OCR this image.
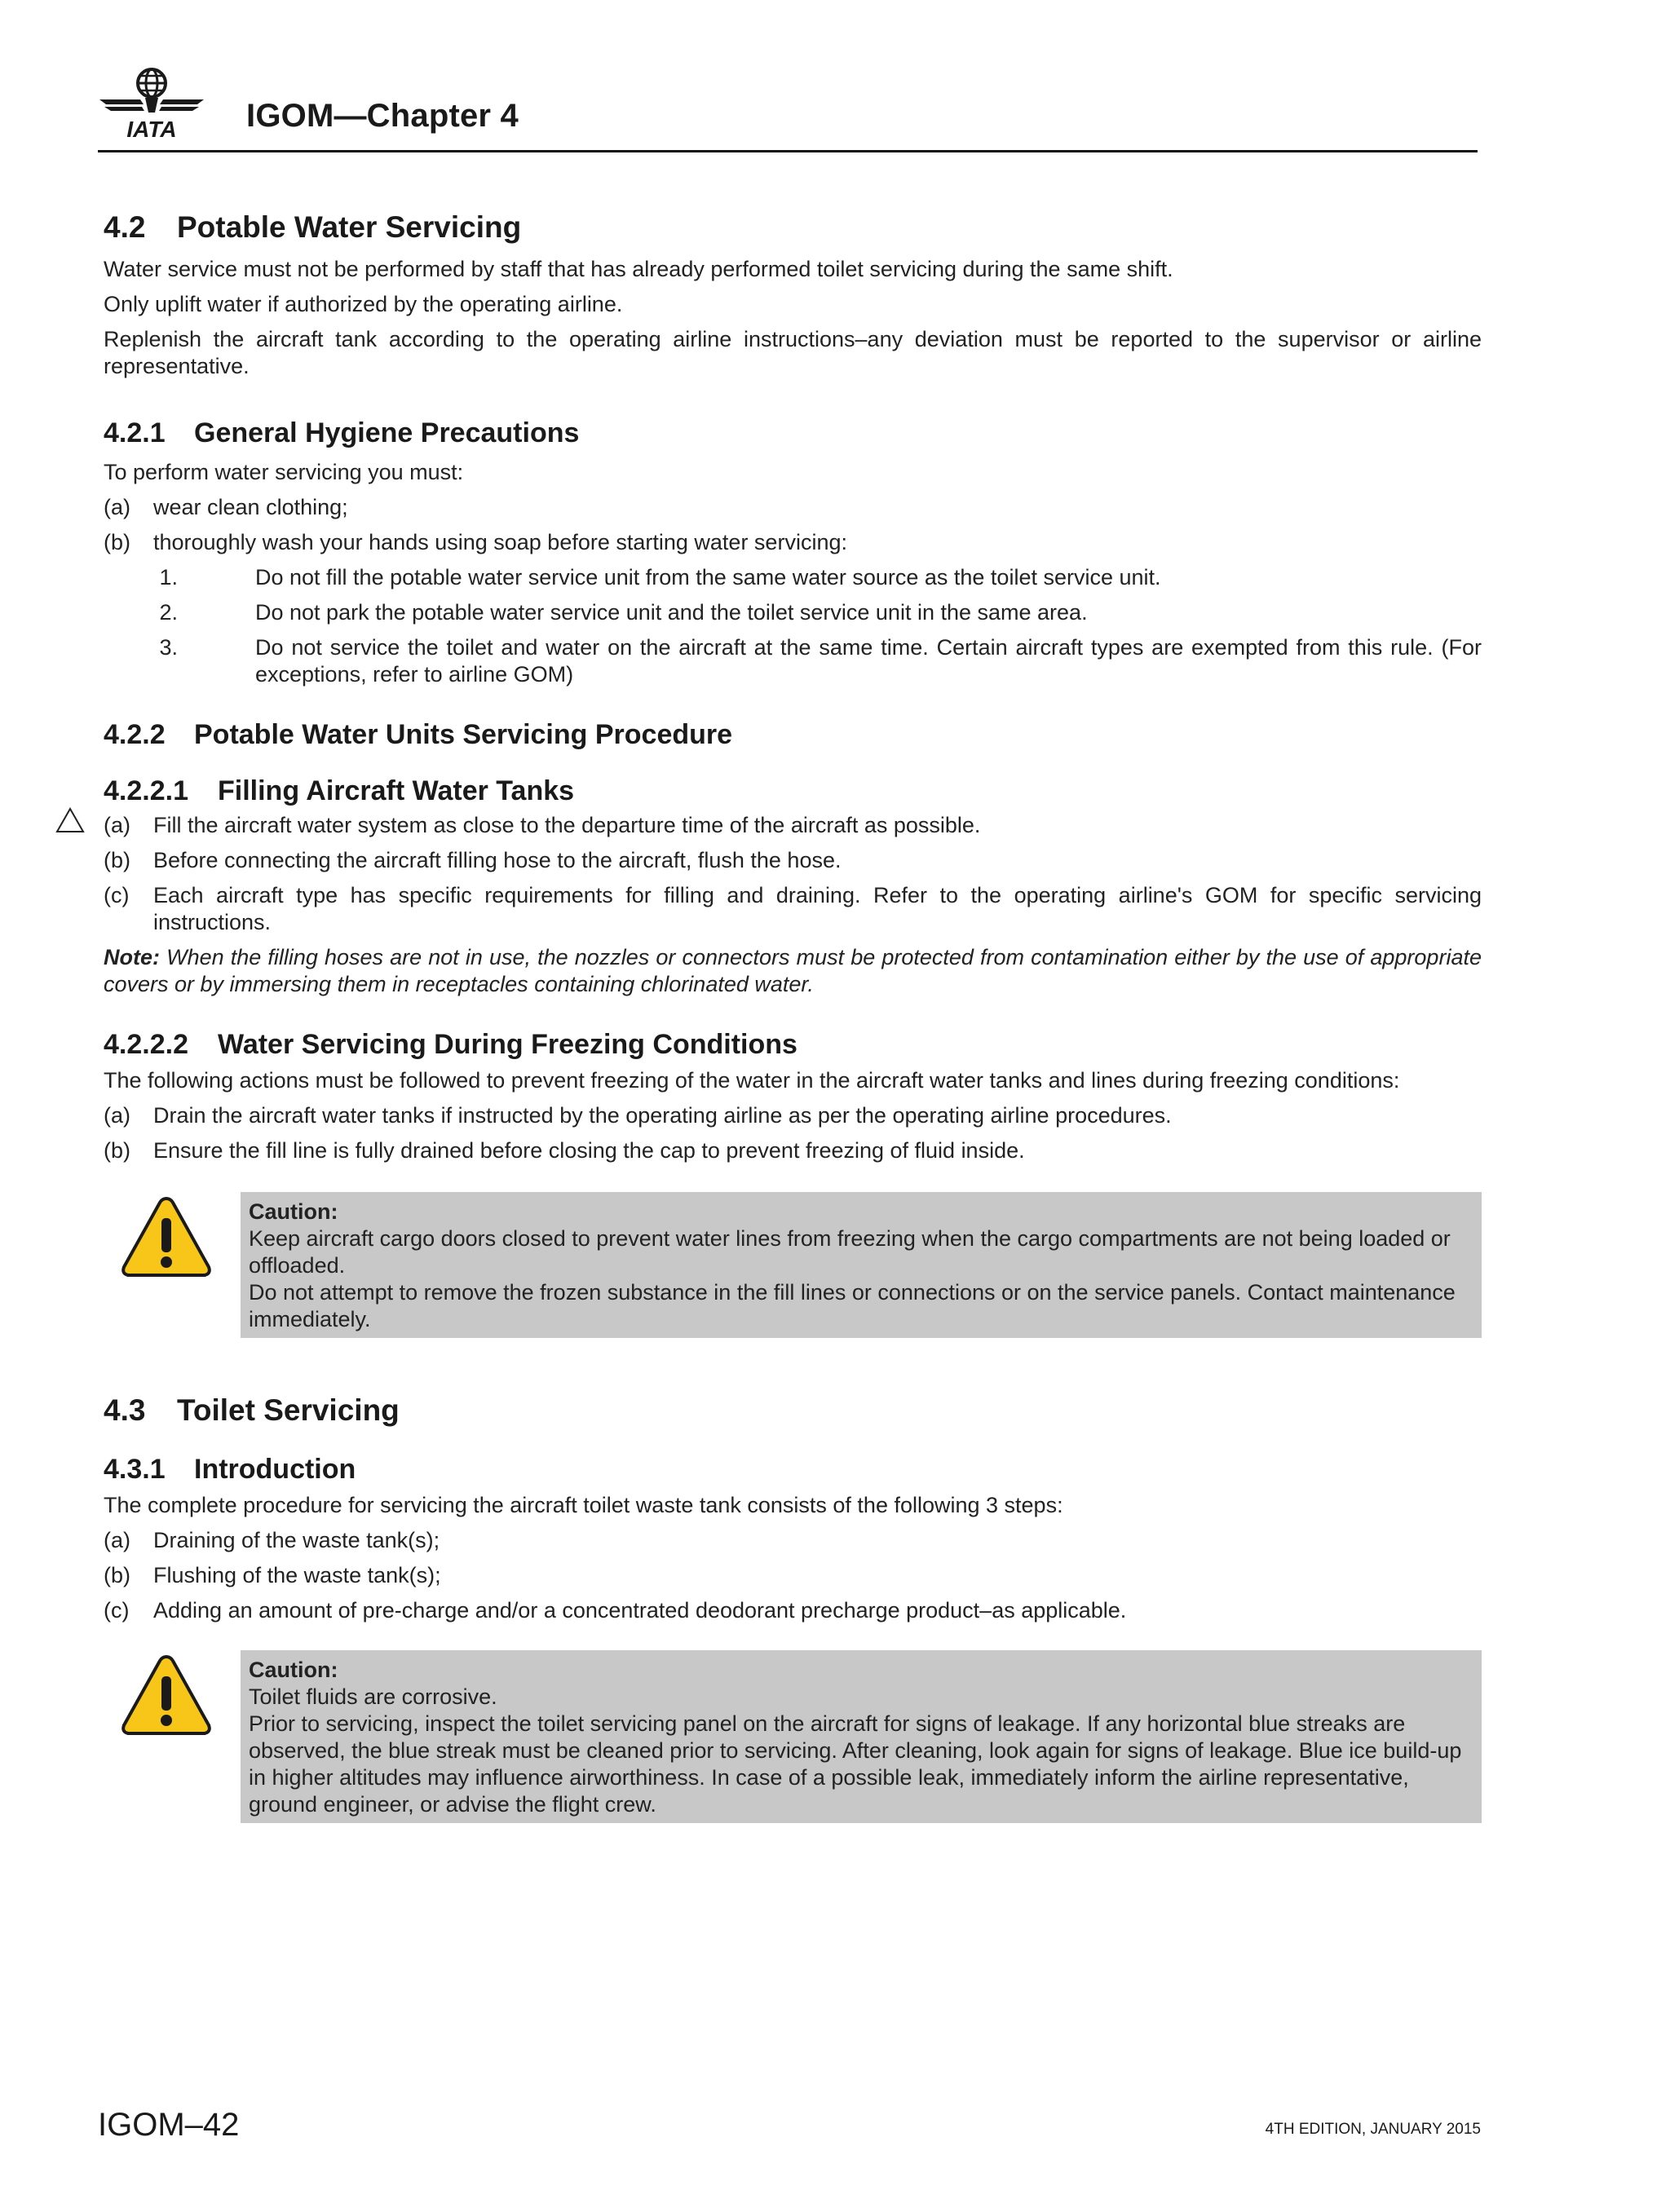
IATA IGOM—Chapter 4
4.2 Potable Water Servicing

Water service must not be performed by staff that has already performed toilet servicing during the same shift.

Only uplift water if authorized by the operating airline.

Replenish the aircraft tank according to the operating airline instructions–any deviation must be reported to the supervisor or airline representative.

4.2.1 General Hygiene Precautions

To perform water servicing you must:

(a) wear clean clothing;
(b) thoroughly wash your hands using soap before starting water servicing:
1.	Do not fill the potable water service unit from the same water source as the toilet service unit.
2.	Do not park the potable water service unit and the toilet service unit in the same area.
3.	Do not service the toilet and water on the aircraft at the same time. Certain aircraft types are exempted from this rule. (For exceptions, refer to airline GOM)
4.2.2 Potable Water Units Servicing Procedure
4.2.2.1 Filling Aircraft Water Tanks
(a) Fill the aircraft water system as close to the departure time of the aircraft as possible.
(b) Before connecting the aircraft filling hose to the aircraft, flush the hose.
(c) Each aircraft type has specific requirements for filling and draining. Refer to the operating airline's GOM for specific servicing instructions.
Note: When the filling hoses are not in use, the nozzles or connectors must be protected from contamination either by the use of appropriate covers or by immersing them in receptacles containing chlorinated water.
4.2.2.2 Water Servicing During Freezing Conditions

The following actions must be followed to prevent freezing of the water in the aircraft water tanks and lines during freezing conditions:

(a) Drain the aircraft water tanks if instructed by the operating airline as per the operating airline procedures.
(b) Ensure the fill line is fully drained before closing the cap to prevent freezing of fluid inside.
Caution:
Keep aircraft cargo doors closed to prevent water lines from freezing when the cargo compartments are not being loaded or offloaded.
Do not attempt to remove the frozen substance in the fill lines or connections or on the service panels. Contact maintenance immediately.
4.3 Toilet Servicing
4.3.1 Introduction

The complete procedure for servicing the aircraft toilet waste tank consists of the following 3 steps:

(a) Draining of the waste tank(s);
(b) Flushing of the waste tank(s);
(c) Adding an amount of pre-charge and/or a concentrated deodorant precharge product–as applicable.
Caution:
Toilet fluids are corrosive.
Prior to servicing, inspect the toilet servicing panel on the aircraft for signs of leakage. If any horizontal blue streaks are observed, the blue streak must be cleaned prior to servicing. After cleaning, look again for signs of leakage. Blue ice build-up in higher altitudes may influence airworthiness. In case of a possible leak, immediately inform the airline representative, ground engineer, or advise the flight crew.
IGOM–42	4TH EDITION, JANUARY 2015
